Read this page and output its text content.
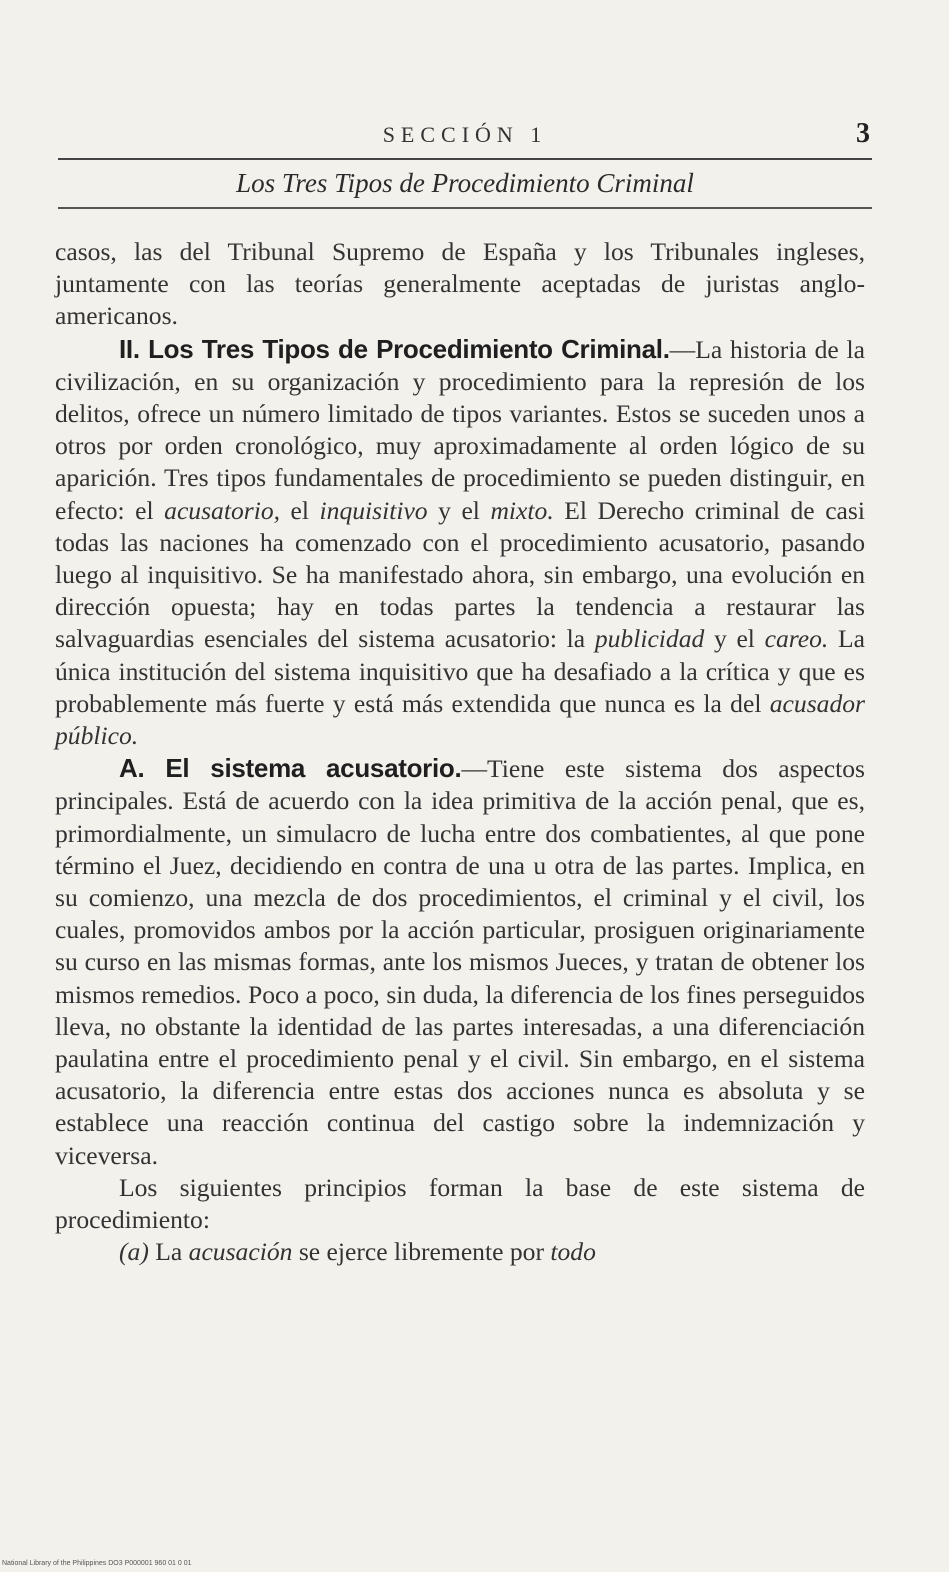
SECCIÓN 1	3
Los Tres Tipos de Procedimiento Criminal

casos, las del Tribunal Supremo de España y los Tribunales ingleses, juntamente con las teorías generalmente aceptadas de juristas anglo-americanos.

II. Los Tres Tipos de Procedimiento Criminal.—La historia de la civilización, en su organización y procedimiento para la represión de los delitos, ofrece un número limitado de tipos variantes. Estos se suceden unos a otros por orden cronológico, muy aproximadamente al orden lógico de su aparición. Tres tipos fundamentales de procedimiento se pueden distinguir, en efecto: el acusatorio, el inquisitivo y el mixto. El Derecho criminal de casi todas las naciones ha comenzado con el procedimiento acusatorio, pasando luego al inquisitivo. Se ha manifestado ahora, sin embargo, una evolución en dirección opuesta; hay en todas partes la tendencia a restaurar las salvaguardias esenciales del sistema acusatorio: la publicidad y el careo. La única institución del sistema inquisitivo que ha desafiado a la crítica y que es probablemente más fuerte y está más extendida que nunca es la del acusador público.

A. El sistema acusatorio.—Tiene este sistema dos aspectos principales. Está de acuerdo con la idea primitiva de la acción penal, que es, primordialmente, un simulacro de lucha entre dos combatientes, al que pone término el Juez, decidiendo en contra de una u otra de las partes. Implica, en su comienzo, una mezcla de dos procedimientos, el criminal y el civil, los cuales, promovidos ambos por la acción particular, prosiguen originariamente su curso en las mismas formas, ante los mismos Jueces, y tratan de obtener los mismos remedios. Poco a poco, sin duda, la diferencia de los fines perseguidos lleva, no obstante la identidad de las partes interesadas, a una diferenciación paulatina entre el procedimiento penal y el civil. Sin embargo, en el sistema acusatorio, la diferencia entre estas dos acciones nunca es absoluta y se establece una reacción continua del castigo sobre la indemnización y viceversa.

Los siguientes principios forman la base de este sistema de procedimiento:

(a) La acusación se ejerce libremente por todo

National Library of the Philippines DO3 P000001 960 01 0 01
